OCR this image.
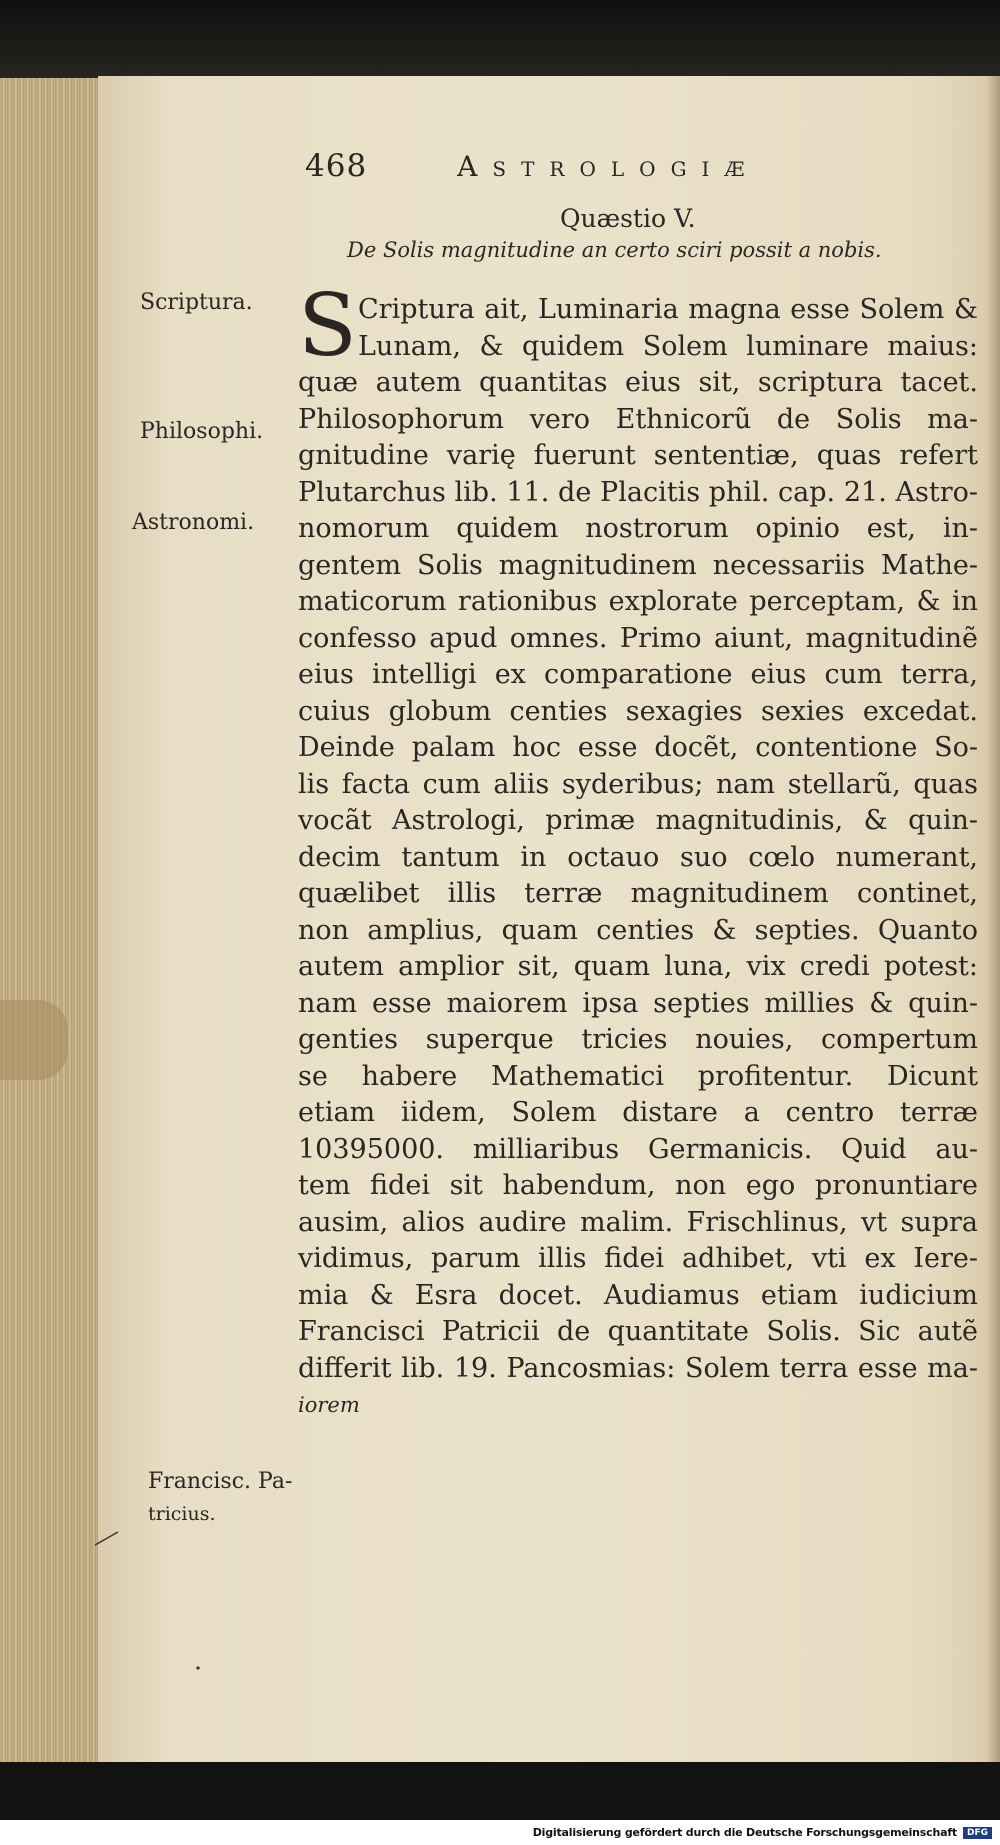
468	Astrologiæ
Quæstio V.
De Solis magnitudine an certo sciri possit a nobis.
Scriptura.
Philosophi.
Astronomi.
Francisc. Pa-
tricius.
S Criptura ait, Luminaria magna esse Solem &
Lunam, & quidem Solem luminare maius:
quæ autem quantitas eius sit, scriptura tacet.
Philosophorum vero Ethnicorũ de Solis ma-
gnitudine varię fuerunt sententiæ, quas refert
Plutarchus lib. 11. de Placitis phil. cap. 21. Astro-
nomorum quidem nostrorum opinio est, in-
gentem Solis magnitudinem necessariis Mathe-
maticorum rationibus explorate perceptam, & in
confesso apud omnes. Primo aiunt, magnitudinẽ
eius intelligi ex comparatione eius cum terra,
cuius globum centies sexagies sexies excedat.
Deinde palam hoc esse docẽt, contentione So-
lis facta cum aliis syderibus; nam stellarũ, quas
vocãt Astrologi, primæ magnitudinis, & quin-
decim tantum in octauo suo cœlo numerant,
quælibet illis terræ magnitudinem continet,
non amplius, quam centies & septies. Quanto
autem amplior sit, quam luna, vix credi potest:
nam esse maiorem ipsa septies millies & quin-
genties superque tricies nouies, compertum
se habere Mathematici profitentur. Dicunt
etiam iidem, Solem distare a centro terræ
10395000. milliaribus Germanicis. Quid au-
tem fidei sit habendum, non ego pronuntiare
ausim, alios audire malim. Frischlinus, vt supra
vidimus, parum illis fidei adhibet, vti ex Iere-
mia & Esra docet. Audiamus etiam iudicium
Francisci Patricii de quantitate Solis. Sic autẽ
differit lib. 19. Pancosmias: Solem terra esse ma-
iorem
Digitalisierung gefördert durch die Deutsche Forschungsgemeinschaft	DFG
